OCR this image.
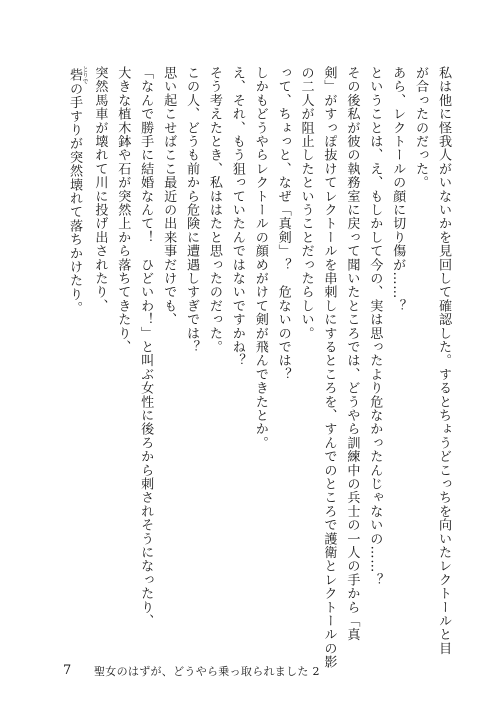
私は他に怪我人がいないかを見回して確認した。するとちょうどこっちを向いたレクトールと目
が合ったのだった。
あら、レクトールの顔に切り傷が……？
ということは、え、もしかして今の、実は思ったより危なかったんじゃないの……？
その後私が彼の執務室に戻って聞いたところでは、どうやら訓練中の兵士の一人の手から「真
剣」がすっぽ抜けてレクトールを串刺しにするところを、すんでのところで護衛とレクトールの影
の二人が阻止したということだったらしい。
って、ちょっと、なぜ「真剣」？　危ないのでは？
しかもどうやらレクトールの顔めがけて剣が飛んできたとか。
え、それ、もう狙っていたんではないですかね？
そう考えたとき、私ははたと思ったのだった。
この人、どうも前から危険に遭遇しすぎでは？
思い起こせばここ最近の出来事だけでも、
「なんで勝手に結婚なんて！　ひどいわ！」と叫ぶ女性に後ろから刺されそうになったり、
大きな植木鉢や石が突然上から落ちてきたり、
突然馬車が壊れて川に投げ出されたり、
砦 とりでの手すりが突然壊れて落ちかけたり。
7 聖女のはずが、どうやら乗っ取られました 2
